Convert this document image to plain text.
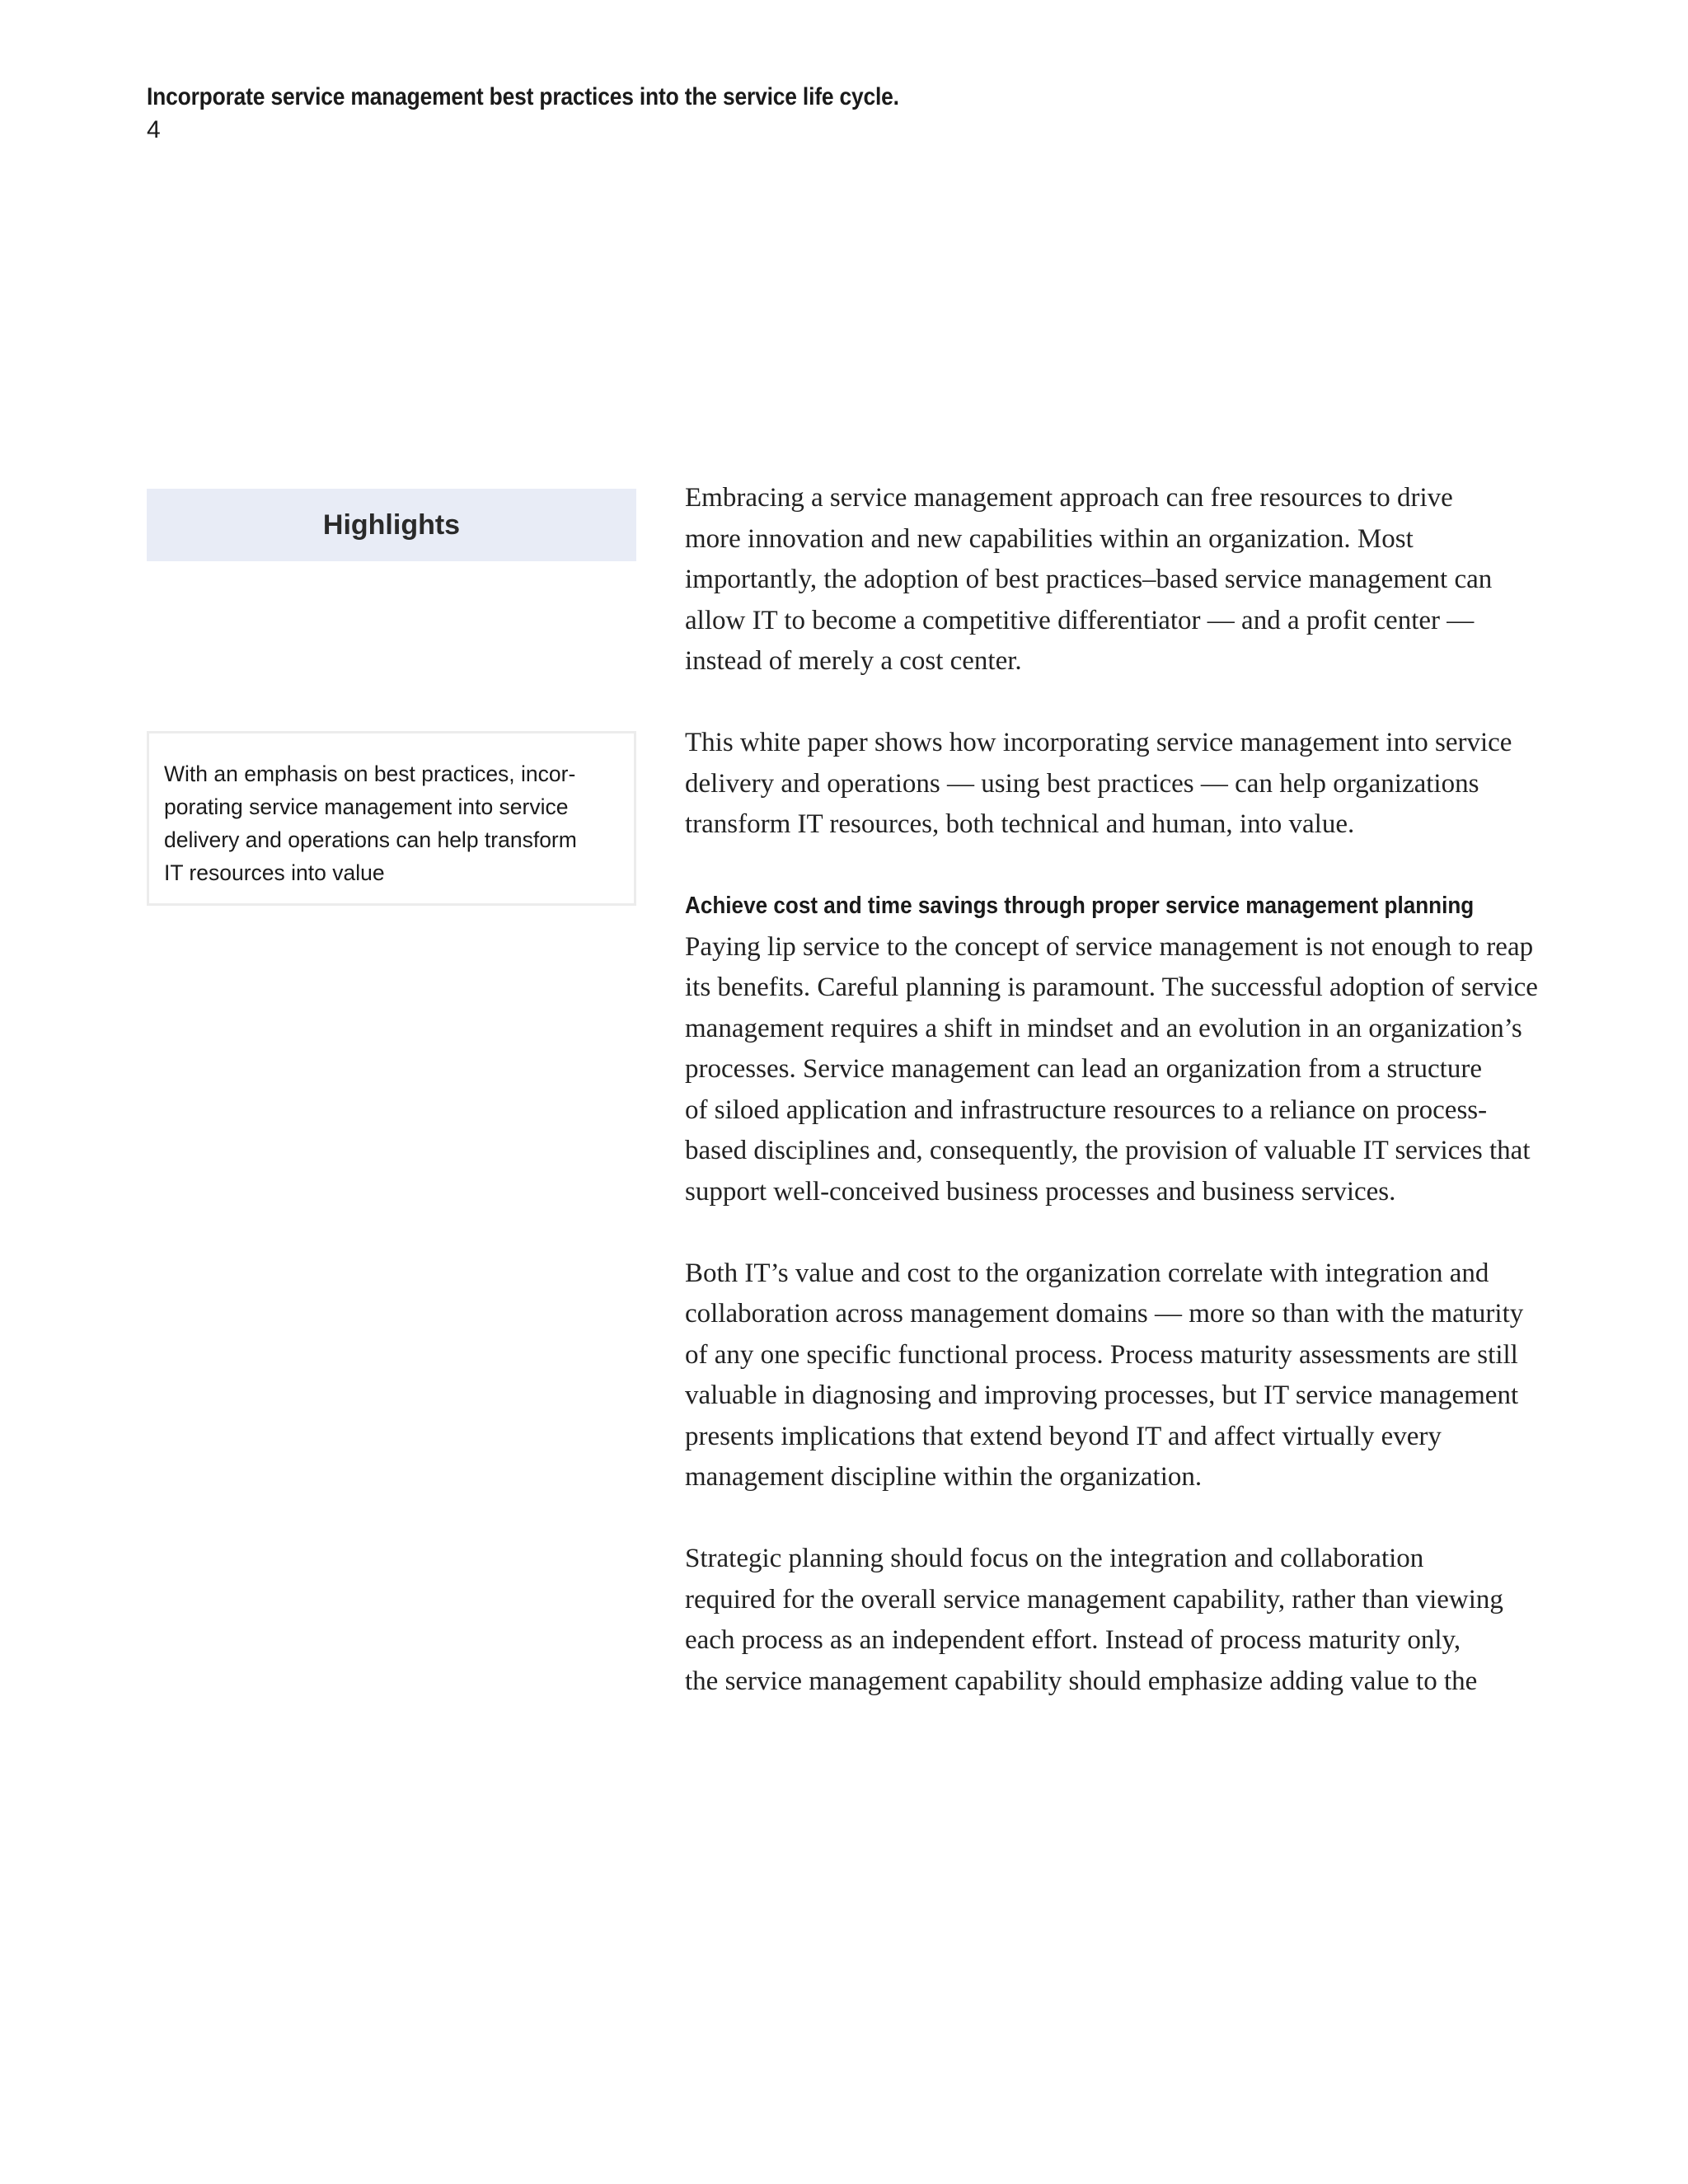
Incorporate service management best practices into the service life cycle.
4
Highlights

With an emphasis on best practices, incor-
porating service management into service
delivery and operations can help transform
IT resources into value

Embracing a service management approach can free resources to drive
more innovation and new capabilities within an organization. Most
importantly, the adoption of best practices–based service management can
allow IT to become a competitive differentiator — and a profit center —
instead of merely a cost center.

This white paper shows how incorporating service management into service
delivery and operations — using best practices — can help organizations
transform IT resources, both technical and human, into value.

Achieve cost and time savings through proper service management planning

Paying lip service to the concept of service management is not enough to reap
its benefits. Careful planning is paramount. The successful adoption of service
management requires a shift in mindset and an evolution in an organization’s
processes. Service management can lead an organization from a structure
of siloed application and infrastructure resources to a reliance on process-
based disciplines and, consequently, the provision of valuable IT services that
support well-conceived business processes and business services.

Both IT’s value and cost to the organization correlate with integration and
collaboration across management domains — more so than with the maturity
of any one specific functional process. Process maturity assessments are still
valuable in diagnosing and improving processes, but IT service management
presents implications that extend beyond IT and affect virtually every
management discipline within the organization.

Strategic planning should focus on the integration and collaboration
required for the overall service management capability, rather than viewing
each process as an independent effort. Instead of process maturity only,
the service management capability should emphasize adding value to the
